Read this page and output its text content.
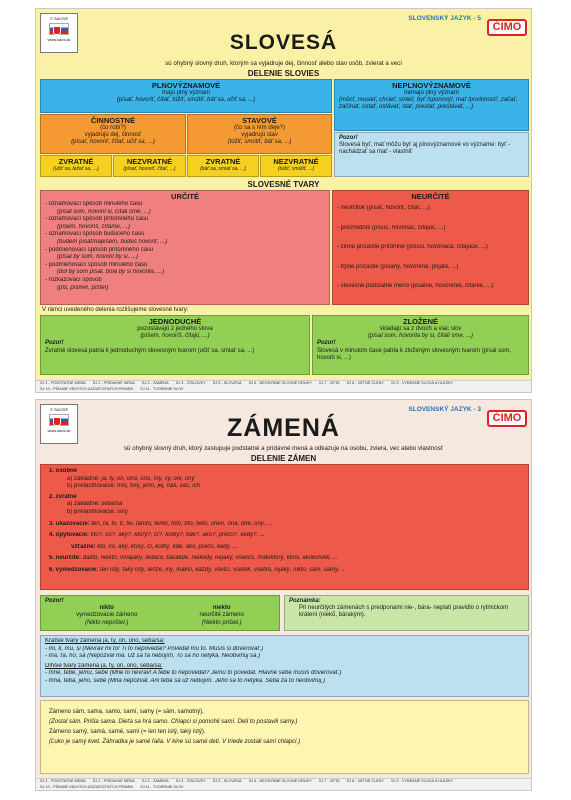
© SAOS®
www.saos.sk
SLOVENSKÝ JAZYK - 5
ČIMO
SLOVESÁ
sú ohybný slovný druh, ktorým sa vyjadruje dej, činnosť alebo stav osôb, zvierat a vecí
DELENIE SLOVIES
PLNOVÝZNAMOVÉ
majú plný význam
(písať, hovoriť, čítať, túžiť, smútiť, báť sa, učiť sa, ...)
NEPLNOVÝZNAMOVÉ
nemajú plný význam
(môcť, musieť, chcieť, smieť, byť /sponový/, mať /povinnosť/, začať, začínať, ostať, ostávať, stať, prestať, prestávať, ...)
ČINNOSTNÉ
(čo robí?)
vyjadrujú dej, činnosť
(písať, hovoriť, čítať, učiť sa, ...)
STAVOVÉ
(čo sa s ním deje?)
vyjadrujú stav
(túžiť, smútiť, báť sa, ...)
ZVRATNÉ
(učiť sa, ležať sa, ...)
NEZVRATNÉ
(písať, hovoriť, čítať, ...)
ZVRATNÉ
(báť sa, smiať sa, ...)
NEZVRATNÉ
(túžiť, smútiť, ...)
Pozor!
Slovesá byť, mať môžu byť aj plnovýznamové vo význame: byť - nachádzať sa mať - vlastniť
SLOVESNÉ TVARY
URČITÉ
- oznamovací spôsob minulého času
(písal som, hovoril si, čítali sme, ...)
- oznamovací spôsob prítomného času
(píšem, hovoríš, čítame, ...)
- oznamovací spôsob budúceho času
(budem písať/napíšem, budeš hovoriť, ...)
- podmieňovací spôsob prítomného času
(písal by som, hovoril by si, ...)
- podmieňovací spôsob minulého času
(bol by som písal, bola by si hovorila, ...)
- rozkazovací spôsob
(píš, píšme!, píšte!)
NEURČITÉ
- neurčitok (písať, hovoriť, čítať, ...)
- prechodník (písuc, hovoriac, čítajúc, ...)
- činné príčastie prítomné (píšuci, hovoriaca, čítajúce, ...)
- trpné príčastie (písaný, hovorená, prijaté, ...)
- slovesné podstatné meno (písanie, hovorenie, čítanie, ...)
V rámci uvedeného delenia rozlišujeme slovesné tvary:
JEDNODUCHÉ
pozostávajú z jedného slova
(píšem, hovoríš, čítajú, ...)
Pozor!
Zvratné slovesá patria k jednoduchým slovesným tvarom (učiť sa, smiať sa, ...)
ZLOŽENÉ
skladajú sa z dvoch a viac slov
(písal som, hovorila by si, čítali sme, ...)
Pozor!
Slovesá v minulom čase patria k zloženým slovesným tvarom (písal som, hovoril si, ...)
SJ 1 - PODSTATNÉ MENÁ SJ 2 - PRÍDAVNÉ MENÁ SJ 3 - ZÁMENÁ SJ 4 - ČÍSLOVKY SJ 5 - SLOVESÁ SJ 6 - NEOHYBNÉ SLOVNÉ DRUHY SJ 7 - VETA SJ 8 - VETNÉ ČLENY SJ 9 - VYBRANÉ SLOVÁ A HLÁSKY SJ 10 - PÍSANIE VEĽKÝCH ZAČIATOČNÝCH PÍSMEN SJ 11 - TVORENIE SLOV
© SAOS®
www.saos.sk
SLOVENSKÝ JAZYK - 3
ČIMO
ZÁMENÁ
sú ohybný slovný druh, ktorý zastupuje podstatné a prídavné mená a odkazuje na osobu, zviera, vec alebo vlastnosť
DELENIE ZÁMEN
1. osobné
a) základné: ja, ty, on, ona, ono, my, vy, oni, ony
b) privlastňovacie: môj, tvoj, jeho, jej, náš, váš, ich
2. zvratné
a) základné: seba/sa
b) privlastňovacie: svoj
3. ukazovacie: ten, tá, to, tí, tie, tamto, tento, toto, títo, tieto, onen, oná, oné, oný, ...
4. opytovacie: kto?, čo?, aký?, ktorý?, čí?, koľký?, kde?, ako?, prečo?, kedy?, ...
vzťažné: kto, čo, aký, ktorý, čí, koľký, kde, ako, prečo, kedy, ...
5. neurčité: dakto, niekto, voľajaký, ledačo, bárakde, niekedy, nejaký, všeličo, máloktorý, ktosi, akokoľvek, ...
6. vymedzovacie: ten istý, taký istý, tenže, iný, inakší, každý, všetci, všetok, všetko, nijaký, nikto, sám, samý, ...
Pozor!
nikto
vymedzovacie zámeno
(Nikto neprišiel.)
niekto
neurčité zámeno
(Niekto prišiel.)
Poznámka:
Pri neurčitých zámenách s predponami nie-, bára- neplatí pravidlo o rytmickom krátení (nieků, bárakým).
Kratšie tvary zámena ja, ty, on, ono, seba/sa:
- mi, ti, mu, si (Nevrav mi to! Ti to nepovedal? Povedal mu to. Musíš si dôverovať.)
- ma, ťa, ho, sa (Nepozval ma. Už sa ťa nebojím. To sa ho netýka. Neobviňuj sa.)
Dlhšie tvary zámena ja, ty, on, ono, seba/sa:
- mne, tebe, jemu, sebe (Mne to nevrav! A tebe to nepovedal? Jemu to povedal. Hlavne sebe musíš dôverovať.)
- mňa, teba, jeho, sebe (Mňa nepozval. Ani teba sa už nebojím. Jeho sa to netýka. Seba za to neobviňuj.)
Zámeno sám, sama, samo, samí, samy (= sám, samotný).
(Zostal sám. Prišla sama. Dieťa sa hrá samo. Chlapci si pomohli samí. Deti to postavili samy.)
Zámeno samý, samá, samé, samí (= len ten istý, taký istý).
(Ľuko je samý kvet. Záhradka je samé ľalia. V kine sú samé deti. V triede zostali samí chlapci.)
SJ 1 - PODSTATNÉ MENÁ SJ 2 - PRÍDAVNÉ MENÁ SJ 3 - ZÁMENÁ SJ 4 - ČÍSLOVKY SJ 5 - SLOVESÁ SJ 6 - NEOHYBNÉ SLOVNÉ DRUHY SJ 7 - VETA SJ 8 - VETNÉ ČLENY SJ 9 - VYBRANÉ SLOVÁ A HLÁSKY SJ 10 - PÍSANIE VEĽKÝCH ZAČIATOČNÝCH PÍSMEN SJ 11 - TVORENIE SLOV
